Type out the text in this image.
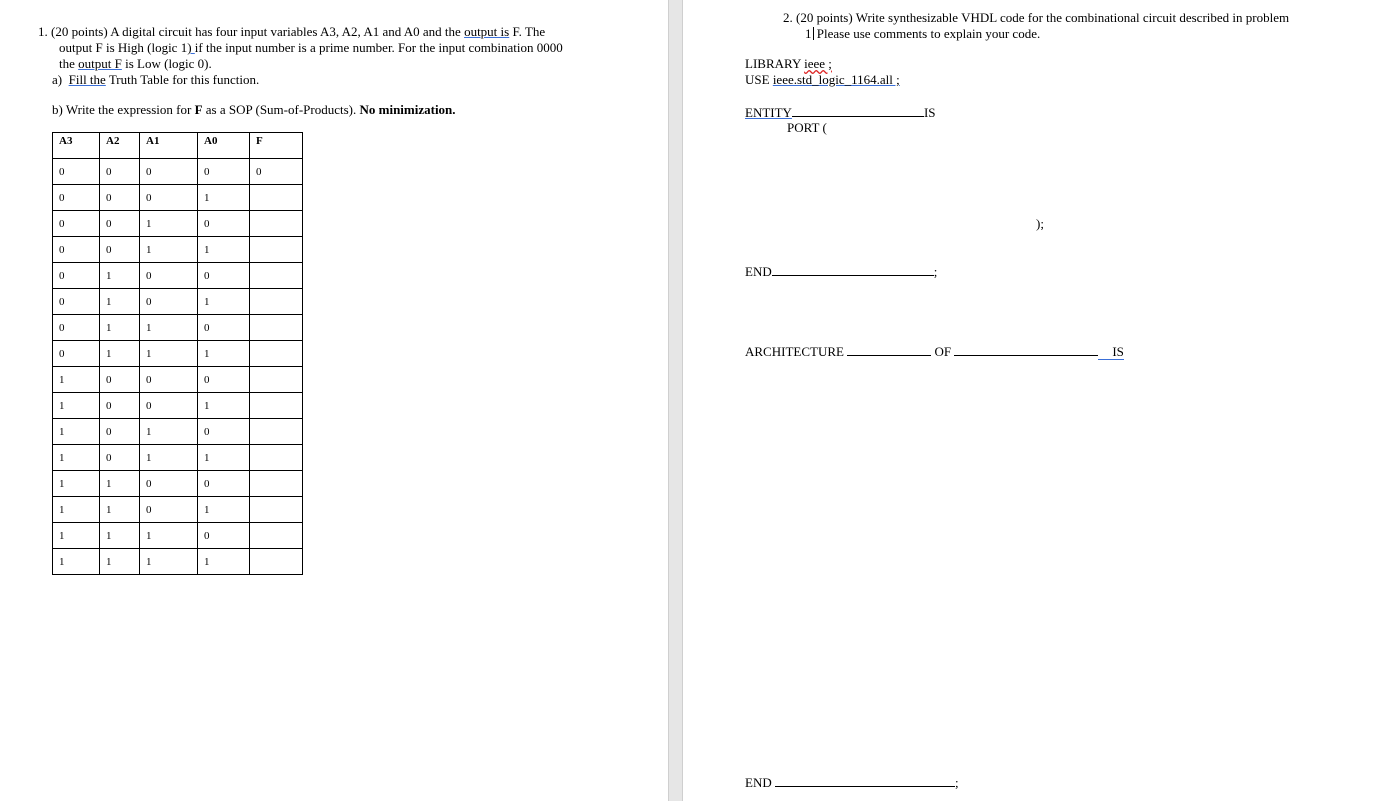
1. (20 points) A digital circuit has four input variables A3, A2, A1 and A0 and the output is F. The
output F is High (logic 1) if the input number is a prime number. For the input combination 0000
the output F is Low (logic 0).
a) Fill the Truth Table for this function.
b) Write the expression for F as a SOP (Sum-of-Products). No minimization.
A3	A2	A1	A0	F
0	0	0	0	0
0	0	0	1	
0	0	1	0	
0	0	1	1	
0	1	0	0	
0	1	0	1	
0	1	1	0	
0	1	1	1	
1	0	0	0	
1	0	0	1	
1	0	1	0	
1	0	1	1	
1	1	0	0	
1	1	0	1	
1	1	1	0	
1	1	1	1	
2. (20 points) Write synthesizable VHDL code for the combinational circuit described in problem
1 Please use comments to explain your code.
LIBRARY ieee ;
USE ieee.std_logic_1164.all ;
ENTITY	IS
PORT (
);
END	;
ARCHITECTURE	OF	IS
END	;
